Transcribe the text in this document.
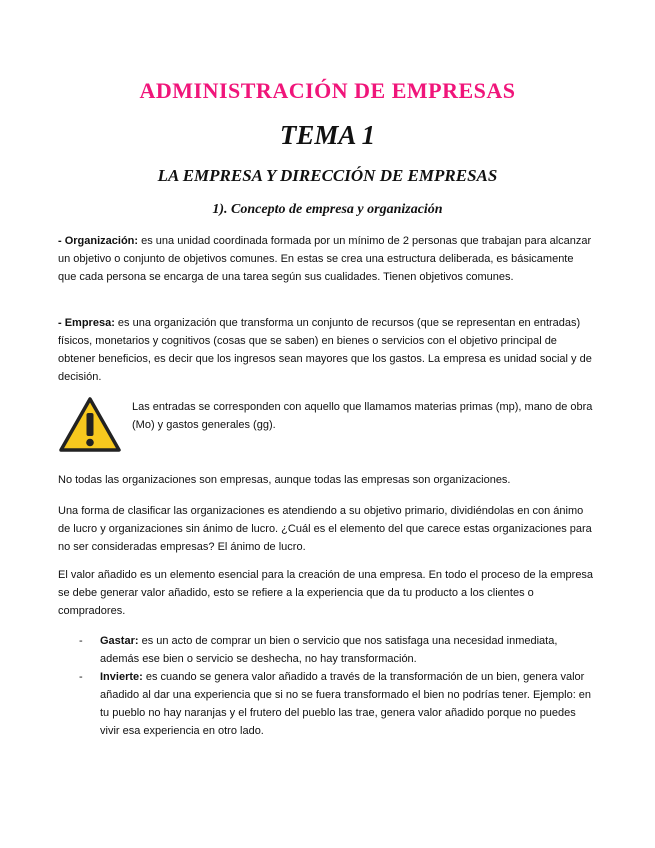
ADMINISTRACIÓN DE EMPRESAS
TEMA 1
LA EMPRESA Y DIRECCIÓN DE EMPRESAS
1). Concepto de empresa y organización
- Organización: es una unidad coordinada formada por un mínimo de 2 personas que trabajan para alcanzar un objetivo o conjunto de objetivos comunes. En estas se crea una estructura deliberada, es básicamente que cada persona se encarga de una tarea según sus cualidades. Tienen objetivos comunes.
- Empresa: es una organización que transforma un conjunto de recursos (que se representan en entradas) físicos, monetarios y cognitivos (cosas que se saben) en bienes o servicios con el objetivo principal de obtener beneficios, es decir que los ingresos sean mayores que los gastos. La empresa es unidad social y de decisión.
Las entradas se corresponden con aquello que llamamos materias primas (mp), mano de obra (Mo) y gastos generales (gg).
No todas las organizaciones son empresas, aunque todas las empresas son organizaciones.
Una forma de clasificar las organizaciones es atendiendo a su objetivo primario, dividiéndolas en con ánimo de lucro y organizaciones sin ánimo de lucro. ¿Cuál es el elemento del que carece estas organizaciones para no ser consideradas empresas? El ánimo de lucro.
El valor añadido es un elemento esencial para la creación de una empresa. En todo el proceso de la empresa se debe generar valor añadido, esto se refiere a la experiencia que da tu producto a los clientes o compradores.
- Gastar: es un acto de comprar un bien o servicio que nos satisfaga una necesidad inmediata, además ese bien o servicio se deshecha, no hay transformación.
- Invierte: es cuando se genera valor añadido a través de la transformación de un bien, genera valor añadido al dar una experiencia que si no se fuera transformado el bien no podrías tener. Ejemplo: en tu pueblo no hay naranjas y el frutero del pueblo las trae, genera valor añadido porque no puedes vivir esa experiencia en otro lado.
